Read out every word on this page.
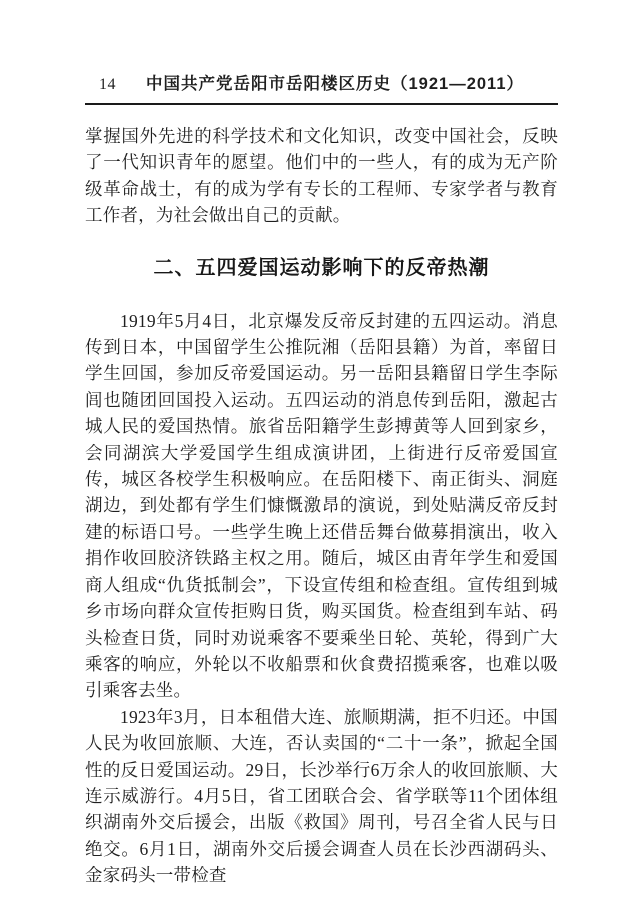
14 中国共产党岳阳市岳阳楼区历史（1921—2011）

掌握国外先进的科学技术和文化知识，改变中国社会，反映了一代知识青年的愿望。他们中的一些人，有的成为无产阶级革命战士，有的成为学有专长的工程师、专家学者与教育工作者，为社会做出自己的贡献。

二、五四爱国运动影响下的反帝热潮

1919年5月4日，北京爆发反帝反封建的五四运动。消息传到日本，中国留学生公推阮湘（岳阳县籍）为首，率留日学生回国，参加反帝爱国运动。另一岳阳县籍留日学生李际闾也随团回国投入运动。五四运动的消息传到岳阳，激起古城人民的爱国热情。旅省岳阳籍学生彭搏黄等人回到家乡，会同湖滨大学爱国学生组成演讲团，上街进行反帝爱国宣传，城区各校学生积极响应。在岳阳楼下、南正街头、洞庭湖边，到处都有学生们慷慨激昂的演说，到处贴满反帝反封建的标语口号。一些学生晚上还借岳舞台做募捐演出，收入捐作收回胶济铁路主权之用。随后，城区由青年学生和爱国商人组成“仇货抵制会”，下设宣传组和检查组。宣传组到城乡市场向群众宣传拒购日货，购买国货。检查组到车站、码头检查日货，同时劝说乘客不要乘坐日轮、英轮，得到广大乘客的响应，外轮以不收船票和伙食费招揽乘客，也难以吸引乘客去坐。

1923年3月，日本租借大连、旅顺期满，拒不归还。中国人民为收回旅顺、大连，否认卖国的“二十一条”，掀起全国性的反日爱国运动。29日，长沙举行6万余人的收回旅顺、大连示威游行。4月5日，省工团联合会、省学联等11个团体组织湖南外交后援会，出版《救国》周刊，号召全省人民与日绝交。6月1日，湖南外交后援会调查人员在长沙西湖码头、金家码头一带检查
